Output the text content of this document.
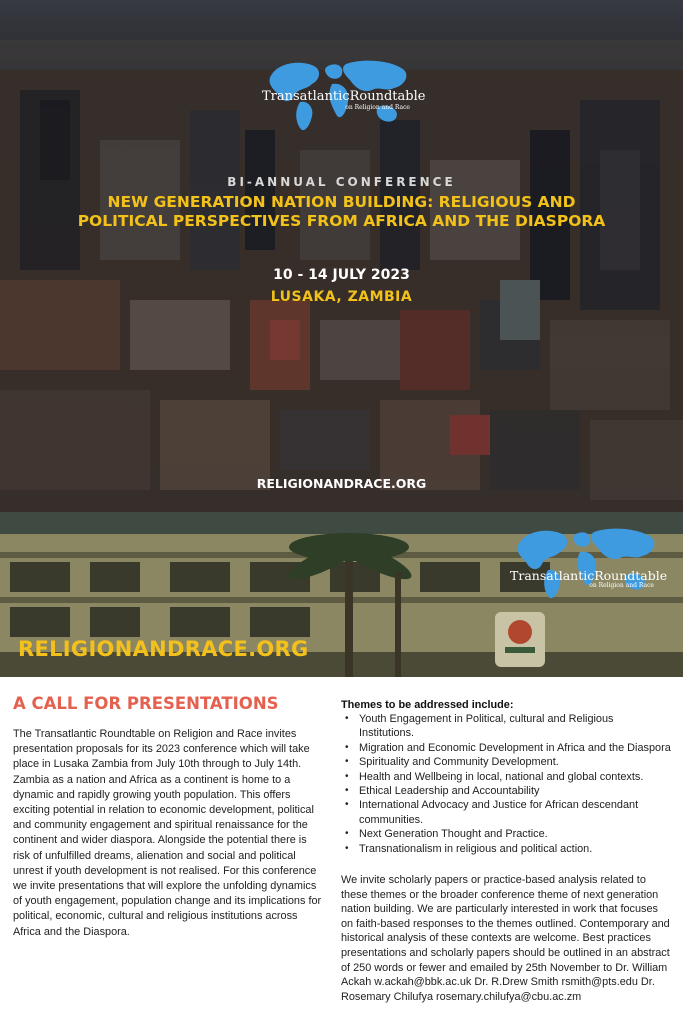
TransatlanticRoundtable
on Religion and Race
BI-ANNUAL CONFERENCE
NEW GENERATION NATION BUILDING: RELIGIOUS AND POLITICAL PERSPECTIVES FROM AFRICA AND THE DIASPORA
10 - 14 JULY 2023
LUSAKA, ZAMBIA
RELIGIONANDRACE.ORG
TransatlanticRoundtable
on Religion and Race
RELIGIONANDRACE.ORG
A CALL FOR PRESENTATIONS

The Transatlantic Roundtable on Religion and Race invites presentation proposals for its 2023 conference which will take place in Lusaka Zambia from July 10th through to July 14th. Zambia as a nation and Africa as a continent is home to a dynamic and rapidly growing youth population. This offers exciting potential in relation to economic development, political and community engagement and spiritual renaissance for the continent and wider diaspora. Alongside the potential there is risk of unfulfilled dreams, alienation and social and political unrest if youth development is not realised. For this conference we invite presentations that will explore the unfolding dynamics of youth engagement, population change and its implications for political, economic, cultural and religious institutions across Africa and the Diaspora.

Themes to be addressed include:
• Youth Engagement in Political, cultural and Religious Institutions.
• Migration and Economic Development in Africa and the Diaspora
• Spirituality and Community Development.
• Health and Wellbeing in local, national and global contexts.
• Ethical Leadership and Accountability
• International Advocacy and Justice for African descendant communities.
• Next Generation Thought and Practice.
• Transnationalism in religious and political action.

We invite scholarly papers or practice-based analysis related to these themes or the broader conference theme of next generation nation building. We are particularly interested in work that focuses on faith-based responses to the themes outlined. Contemporary and historical analysis of these contexts are welcome. Best practices presentations and scholarly papers should be outlined in an abstract of 250 words or fewer and emailed by 25th November to Dr. William Ackah w.ackah@bbk.ac.uk Dr. R.Drew Smith rsmith@pts.edu Dr. Rosemary Chilufya rosemary.chilufya@cbu.ac.zm
